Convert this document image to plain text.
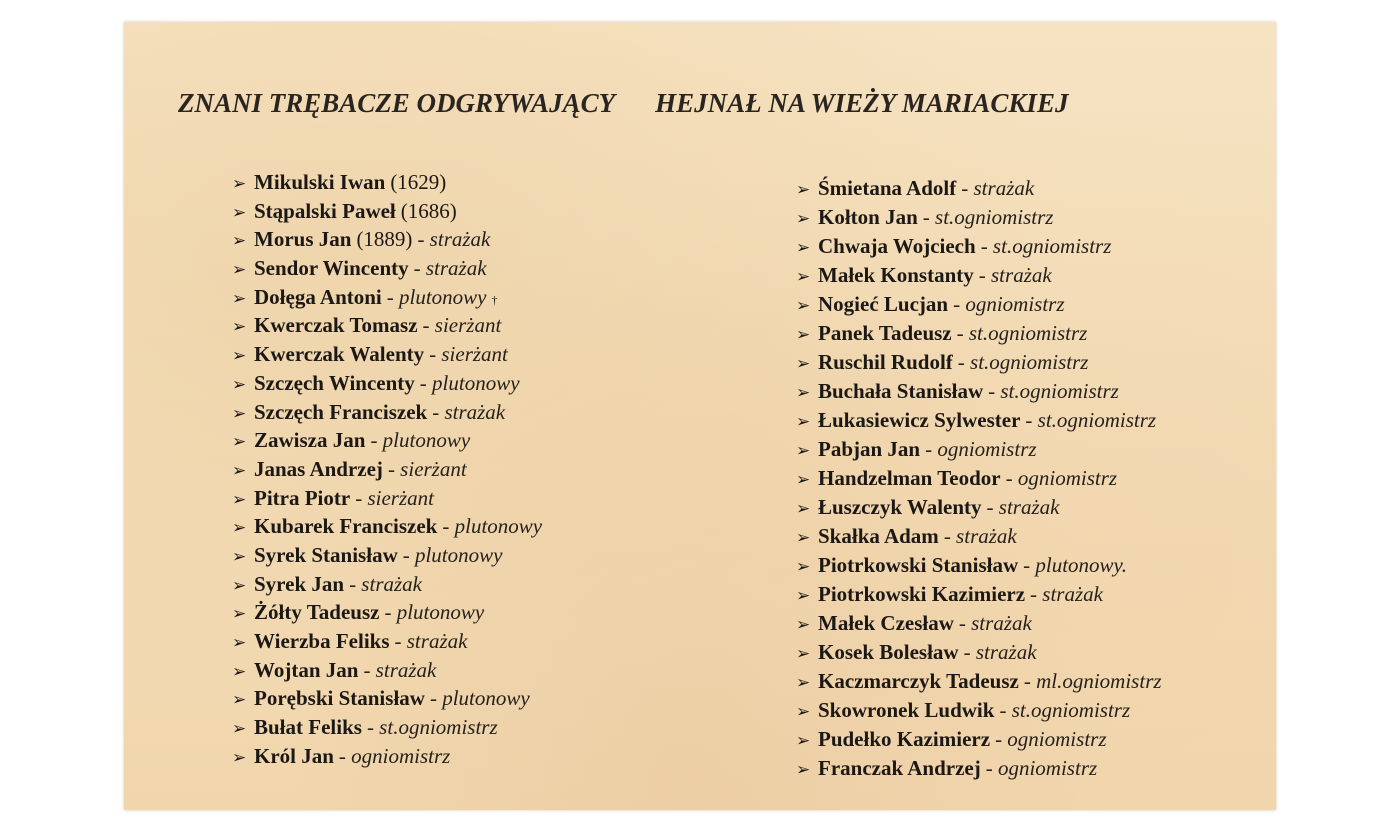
ZNANI TRĘBACZE ODGRYWAJĄCY HEJNAŁ NA WIEŻY MARIACKIEJ
➢ Mikulski Iwan (1629)
➢ Stąpalski Paweł (1686)
➢ Morus Jan (1889) - strażak
➢ Sendor Wincenty - strażak
➢ Dołęga Antoni - plutonowy †
➢ Kwerczak Tomasz - sierżant
➢ Kwerczak Walenty - sierżant
➢ Szczęch Wincenty - plutonowy
➢ Szczęch Franciszek - strażak
➢ Zawisza Jan - plutonowy
➢ Janas Andrzej - sierżant
➢ Pitra Piotr - sierżant
➢ Kubarek Franciszek - plutonowy
➢ Syrek Stanisław - plutonowy
➢ Syrek Jan - strażak
➢ Żółty Tadeusz - plutonowy
➢ Wierzba Feliks - strażak
➢ Wojtan Jan - strażak
➢ Porębski Stanisław - plutonowy
➢ Bułat Feliks - st.ogniomistrz
➢ Król Jan - ogniomistrz
➢ Śmietana Adolf - strażak
➢ Kołton Jan - st.ogniomistrz
➢ Chwaja Wojciech - st.ogniomistrz
➢ Małek Konstanty - strażak
➢ Nogieć Lucjan - ogniomistrz
➢ Panek Tadeusz - st.ogniomistrz
➢ Ruschil Rudolf - st.ogniomistrz
➢ Buchała Stanisław - st.ogniomistrz
➢ Łukasiewicz Sylwester - st.ogniomistrz
➢ Pabjan Jan - ogniomistrz
➢ Handzelman Teodor - ogniomistrz
➢ Łuszczyk Walenty - strażak
➢ Skałka Adam - strażak
➢ Piotrkowski Stanisław - plutonowy.
➢ Piotrkowski Kazimierz - strażak
➢ Małek Czesław - strażak
➢ Kosek Bolesław - strażak
➢ Kaczmarczyk Tadeusz - ml.ogniomistrz
➢ Skowronek Ludwik - st.ogniomistrz
➢ Pudełko Kazimierz - ogniomistrz
➢ Franczak Andrzej - ogniomistrz
